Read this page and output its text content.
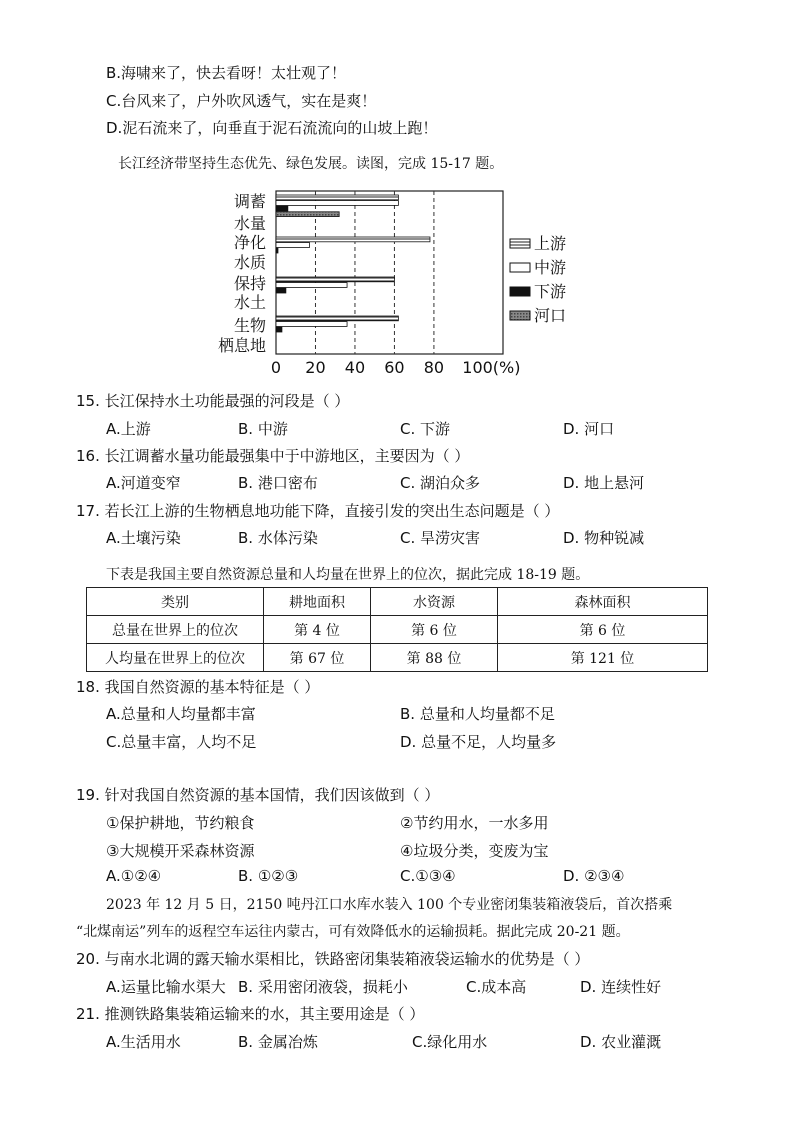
B.海啸来了，快去看呀！太壮观了！
C.台风来了，户外吹风透气，实在是爽！
D.泥石流来了，向垂直于泥石流流向的山坡上跑！
长江经济带坚持生态优先、绿色发展。读图，完成 15-17 题。
调蓄
水量
净化
水质
保持
水土
生物
栖息地
0 20 40 60 80 100(%)
上游
中游
下游
河口
15. 长江保持水土功能最强的河段是（ ）
A.上游	B. 中游	C. 下游	D. 河口
16. 长江调蓄水量功能最强集中于中游地区，主要因为（ ）
A.河道变窄	B. 港口密布	C. 湖泊众多	D. 地上悬河
17. 若长江上游的生物栖息地功能下降，直接引发的突出生态问题是（ ）
A.土壤污染	B. 水体污染	C. 旱涝灾害	D. 物种锐减
下表是我国主要自然资源总量和人均量在世界上的位次，据此完成 18-19 题。
类别	耕地面积	水资源	森林面积
总量在世界上的位次	第 4 位	第 6 位	第 6 位
人均量在世界上的位次	第 67 位	第 88 位	第 121 位
18. 我国自然资源的基本特征是（ ）
A.总量和人均量都丰富	B. 总量和人均量都不足
C.总量丰富，人均不足	D. 总量不足，人均量多
19. 针对我国自然资源的基本国情，我们因该做到（ ）
①保护耕地，节约粮食	②节约用水，一水多用
③大规模开采森林资源	④垃圾分类，变废为宝
A.①②④	B. ①②③	C.①③④	D. ②③④
2023 年 12 月 5 日，2150 吨丹江口水库水装入 100 个专业密闭集装箱液袋后，首次搭乘
“北煤南运”列车的返程空车运往内蒙古，可有效降低水的运输损耗。据此完成 20-21 题。
20. 与南水北调的露天输水渠相比，铁路密闭集装箱液袋运输水的优势是（ ）
A.运量比输水渠大 B. 采用密闭液袋，损耗小	C.成本高	D. 连续性好
21. 推测铁路集装箱运输来的水，其主要用途是（ ）
A.生活用水	B. 金属冶炼	C.绿化用水	D. 农业灌溉
